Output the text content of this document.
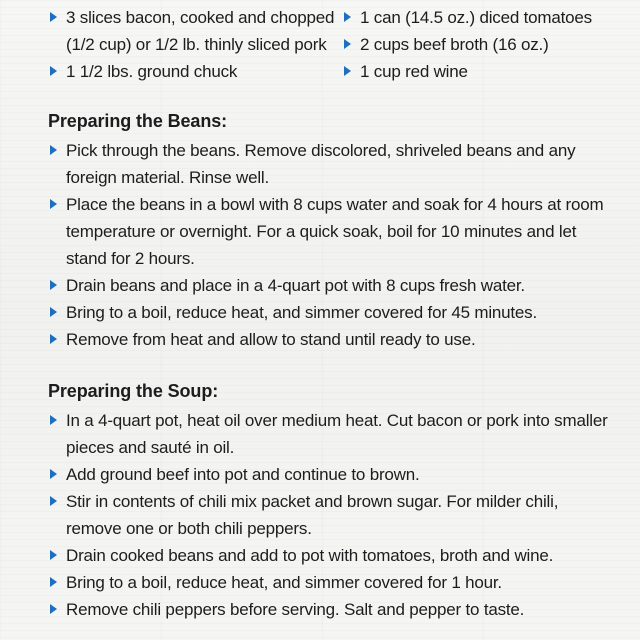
3 slices bacon, cooked and chopped (1/2 cup) or 1/2 lb. thinly sliced pork
1 1/2 lbs. ground chuck
1 can (14.5 oz.) diced tomatoes
2 cups beef broth (16 oz.)
1 cup red wine
Preparing the Beans:
Pick through the beans. Remove discolored, shriveled beans and any foreign material. Rinse well.
Place the beans in a bowl with 8 cups water and soak for 4 hours at room temperature or overnight. For a quick soak, boil for 10 minutes and let stand for 2 hours.
Drain beans and place in a 4-quart pot with 8 cups fresh water.
Bring to a boil, reduce heat, and simmer covered for 45 minutes.
Remove from heat and allow to stand until ready to use.
Preparing the Soup:
In a 4-quart pot, heat oil over medium heat. Cut bacon or pork into smaller pieces and sauté in oil.
Add ground beef into pot and continue to brown.
Stir in contents of chili mix packet and brown sugar. For milder chili, remove one or both chili peppers.
Drain cooked beans and add to pot with tomatoes, broth and wine.
Bring to a boil, reduce heat, and simmer covered for 1 hour.
Remove chili peppers before serving. Salt and pepper to taste.
